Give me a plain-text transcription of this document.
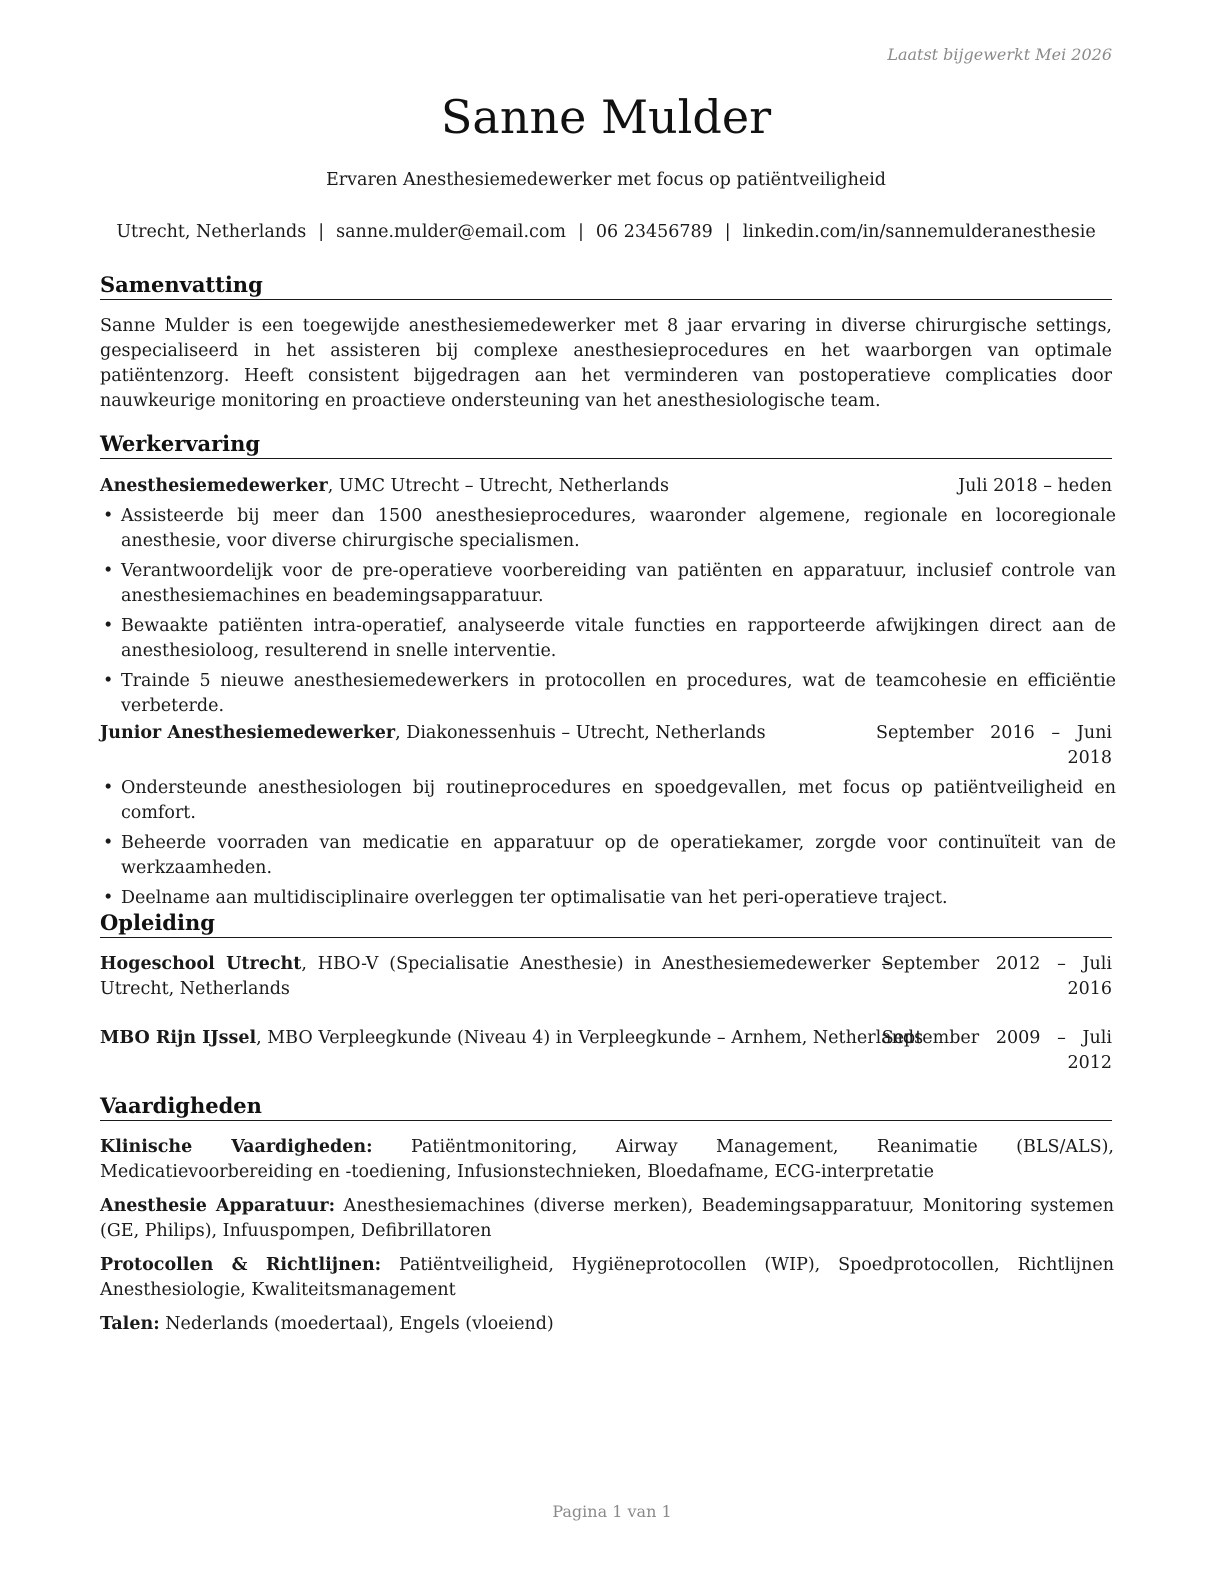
Laatst bijgewerkt Mei 2026
Sanne Mulder
Ervaren Anesthesiemedewerker met focus op patiëntveiligheid
Utrecht, Netherlands | sanne.mulder@email.com | 06 23456789 | linkedin.com/in/sannemulderanesthesie
Samenvatting
Sanne Mulder is een toegewijde anesthesiemedewerker met 8 jaar ervaring in diverse chirurgische settings, gespecialiseerd in het assisteren bij complexe anesthesieprocedures en het waarborgen van optimale patiëntenzorg. Heeft consistent bijgedragen aan het verminderen van postoperatieve complicaties door nauwkeurige monitoring en proactieve ondersteuning van het anesthesiologische team.
Werkervaring
Anesthesiemedewerker, UMC Utrecht – Utrecht, Netherlands	Juli 2018 – heden
• Assisteerde bij meer dan 1500 anesthesieprocedures, waaronder algemene, regionale en locoregionale anesthesie, voor diverse chirurgische specialismen.
• Verantwoordelijk voor de pre-operatieve voorbereiding van patiënten en apparatuur, inclusief controle van anesthesiemachines en beademingsapparatuur.
• Bewaakte patiënten intra-operatief, analyseerde vitale functies en rapporteerde afwijkingen direct aan de anesthesioloog, resulterend in snelle interventie.
• Trainde 5 nieuwe anesthesiemedewerkers in protocollen en procedures, wat de teamcohesie en efficiëntie verbeterde.
Junior Anesthesiemedewerker, Diakonessenhuis – Utrecht, Netherlands	September   2016   –   Juni
2018
• Ondersteunde anesthesiologen bij routineprocedures en spoedgevallen, met focus op patiëntveiligheid en comfort.
• Beheerde voorraden van medicatie en apparatuur op de operatiekamer, zorgde voor continuïteit van de werkzaamheden.
• Deelname aan multidisciplinaire overleggen ter optimalisatie van het peri-operatieve traject.
Opleiding
Hogeschool Utrecht, HBO-V (Specialisatie Anesthesie) in Anesthesiemedewerker –
Utrecht, Netherlands
September   2012   –   Juli
2016
MBO Rijn IJssel, MBO Verpleegkunde (Niveau 4) in Verpleegkunde – Arnhem, Netherlands
September   2009   –   Juli
2012
Vaardigheden
Klinische Vaardigheden: Patiëntmonitoring, Airway Management, Reanimatie (BLS/ALS), Medicatievoorbereiding en -toediening, Infusionstechnieken, Bloedafname, ECG-interpretatie
Anesthesie Apparatuur: Anesthesiemachines (diverse merken), Beademingsapparatuur, Monitoring systemen (GE, Philips), Infuuspompen, Defibrillatoren
Protocollen & Richtlijnen: Patiëntveiligheid, Hygiëneprotocollen (WIP), Spoedprotocollen, Richtlijnen Anesthesiologie, Kwaliteitsmanagement
Talen: Nederlands (moedertaal), Engels (vloeiend)
Pagina 1 van 1
